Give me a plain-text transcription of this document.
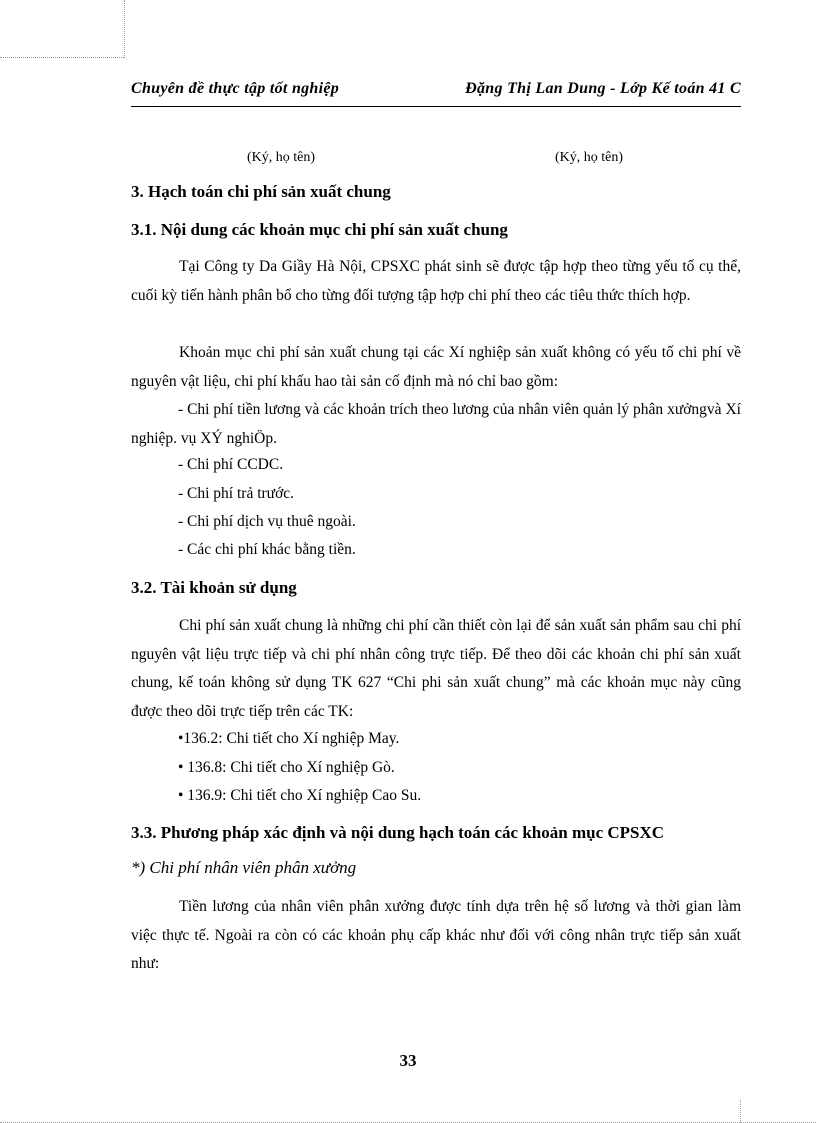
Chuyên đề thực tập tốt nghiệp	Đặng Thị Lan Dung - Lớp Kế toán 41 C
(Ký, họ tên)	(Ký, họ tên)
3. Hạch toán chi phí sản xuất chung
3.1. Nội dung các khoản mục chi phí sản xuất chung
Tại Công ty Da Giầy Hà Nội, CPSXC phát sinh sẽ được tập hợp theo từng yếu tố cụ thể, cuối kỳ tiến hành phân bổ cho từng đối tượng tập hợp chi phí theo các tiêu thức thích hợp.
Khoản mục chi phí sản xuất chung tại các Xí nghiệp sản xuất không có yếu tố chi phí về nguyên vật liệu, chi phí khấu hao tài sản cố định mà nó chỉ bao gồm:
- Chi phí tiền lương và các khoản trích theo lương của nhân viên quản lý phân xưởngvà Xí nghiệp. vụ XÝ nghiÖp.
- Chi phí CCDC.
- Chi phí trả trước.
- Chi phí dịch vụ thuê ngoài.
- Các chi phí khác bằng tiền.
3.2. Tài khoản sử dụng
Chi phí sản xuất chung là những chi phí cần thiết còn lại để sản xuất sản phẩm sau chi phí nguyên vật liệu trực tiếp và chi phí nhân công trực tiếp. Để theo dõi các khoản chi phí sản xuất chung, kế toán không sử dụng TK 627 “Chi phi sản xuất chung” mà các khoản mục này cũng được theo dõi trực tiếp trên các TK:
•136.2: Chi tiết cho Xí nghiệp May.
• 136.8: Chi tiết cho Xí nghiệp Gò.
• 136.9: Chi tiết cho Xí nghiệp Cao Su.
3.3. Phương pháp xác định và nội dung hạch toán các khoản mục CPSXC
*) Chi phí nhân viên phân xưởng
Tiền lương của nhân viên phân xưởng được tính dựa trên hệ số lương và thời gian làm việc thực tế. Ngoài ra còn có các khoản phụ cấp khác như đối với công nhân trực tiếp sản xuất như:
33
